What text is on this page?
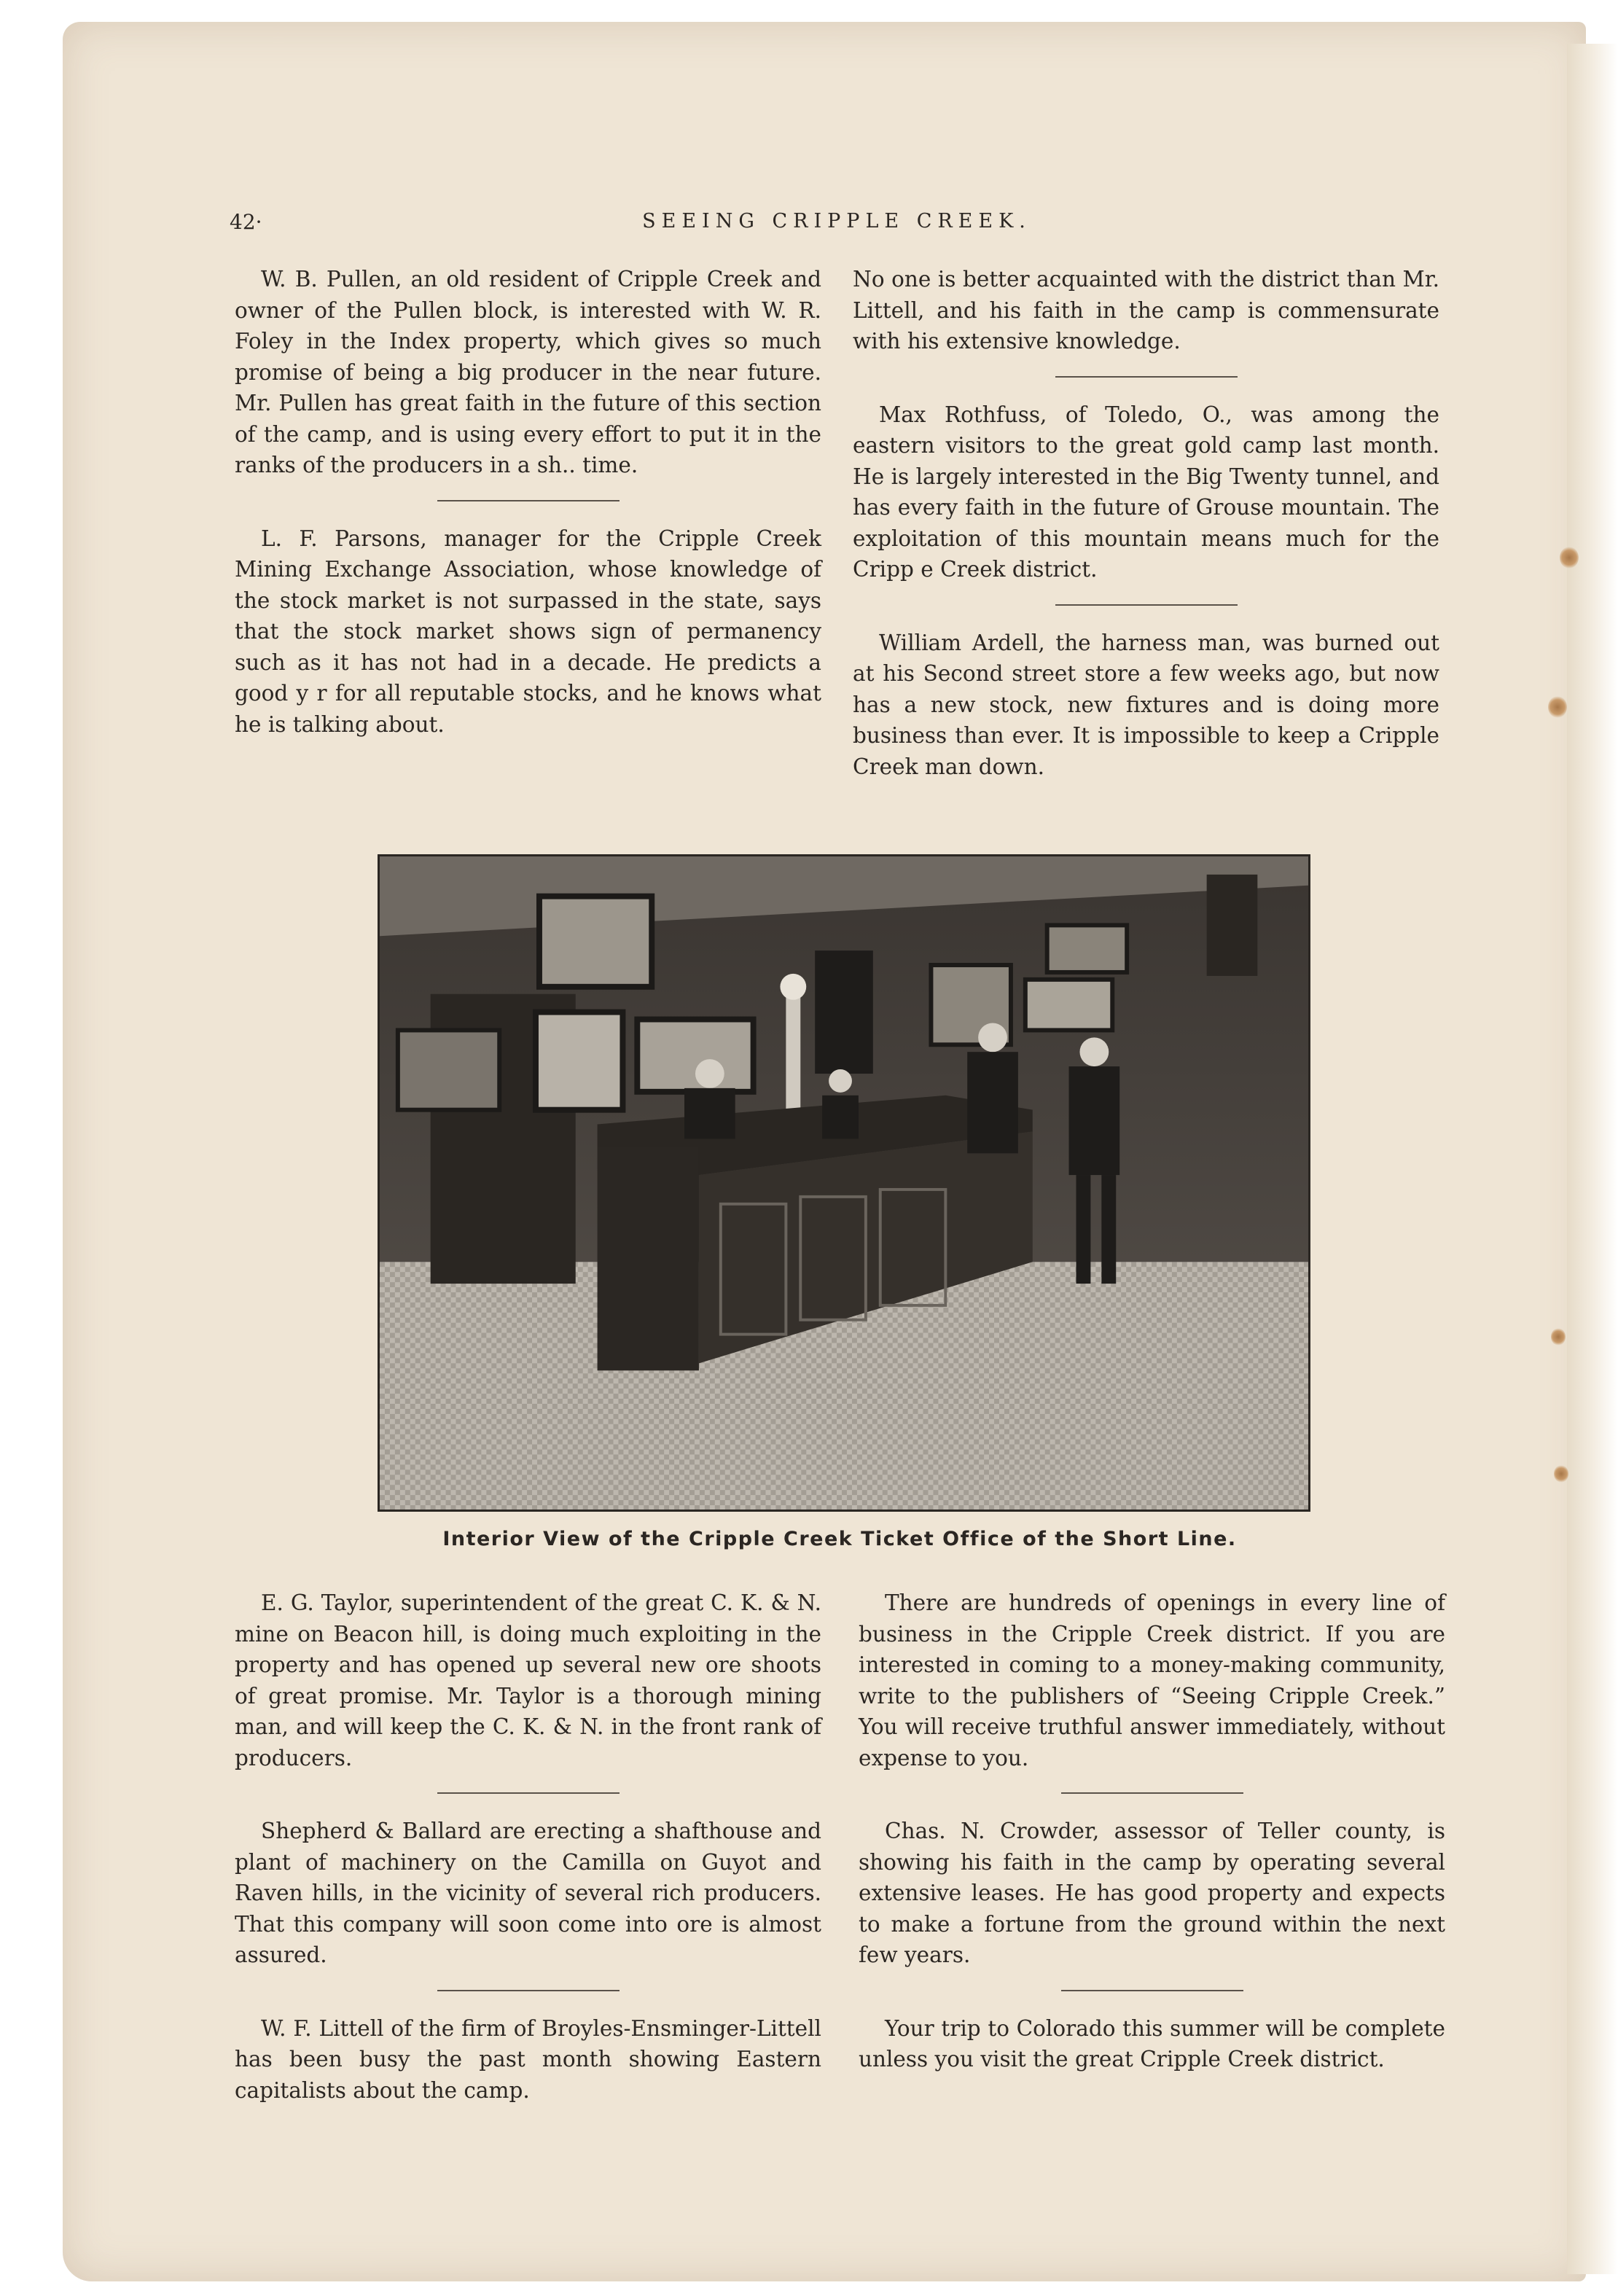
42·	SEEING CRIPPLE CREEK.

W. B. Pullen, an old resident of Cripple Creek and owner of the Pullen block, is interested with W. R. Foley in the Index property, which gives so much promise of being a big producer in the near future. Mr. Pullen has great faith in the future of this section of the camp, and is using every effort to put it in the ranks of the producers in a sh.. time.

L. F. Parsons, manager for the Cripple Creek Mining Exchange Association, whose knowledge of the stock market is not surpassed in the state, says that the stock market shows sign of permanency such as it has not had in a decade. He predicts a good y r for all reputable stocks, and he knows what he is talking about.

No one is better acquainted with the district than Mr. Littell, and his faith in the camp is commensurate with his extensive knowledge.

Max Rothfuss, of Toledo, O., was among the eastern visitors to the great gold camp last month. He is largely interested in the Big Twenty tunnel, and has every faith in the future of Grouse mountain. The exploitation of this mountain means much for the Cripp e Creek district.

William Ardell, the harness man, was burned out at his Second street store a few weeks ago, but now has a new stock, new fixtures and is doing more business than ever. It is impossible to keep a Cripple Creek man down.

Interior View of the Cripple Creek Ticket Office of the Short Line.

E. G. Taylor, superintendent of the great C. K. & N. mine on Beacon hill, is doing much exploiting in the property and has opened up several new ore shoots of great promise. Mr. Taylor is a thorough mining man, and will keep the C. K. & N. in the front rank of producers.

Shepherd & Ballard are erecting a shafthouse and plant of machinery on the Camilla on Guyot and Raven hills, in the vicinity of several rich producers. That this company will soon come into ore is almost assured.

W. F. Littell of the firm of Broyles-Ensminger-Littell has been busy the past month showing Eastern capitalists about the camp.

There are hundreds of openings in every line of business in the Cripple Creek district. If you are interested in coming to a money-making community, write to the publishers of “Seeing Cripple Creek.” You will receive truthful answer immediately, without expense to you.

Chas. N. Crowder, assessor of Teller county, is showing his faith in the camp by operating several extensive leases. He has good property and expects to make a fortune from the ground within the next few years.

Your trip to Colorado this summer will be complete unless you visit the great Cripple Creek district.
